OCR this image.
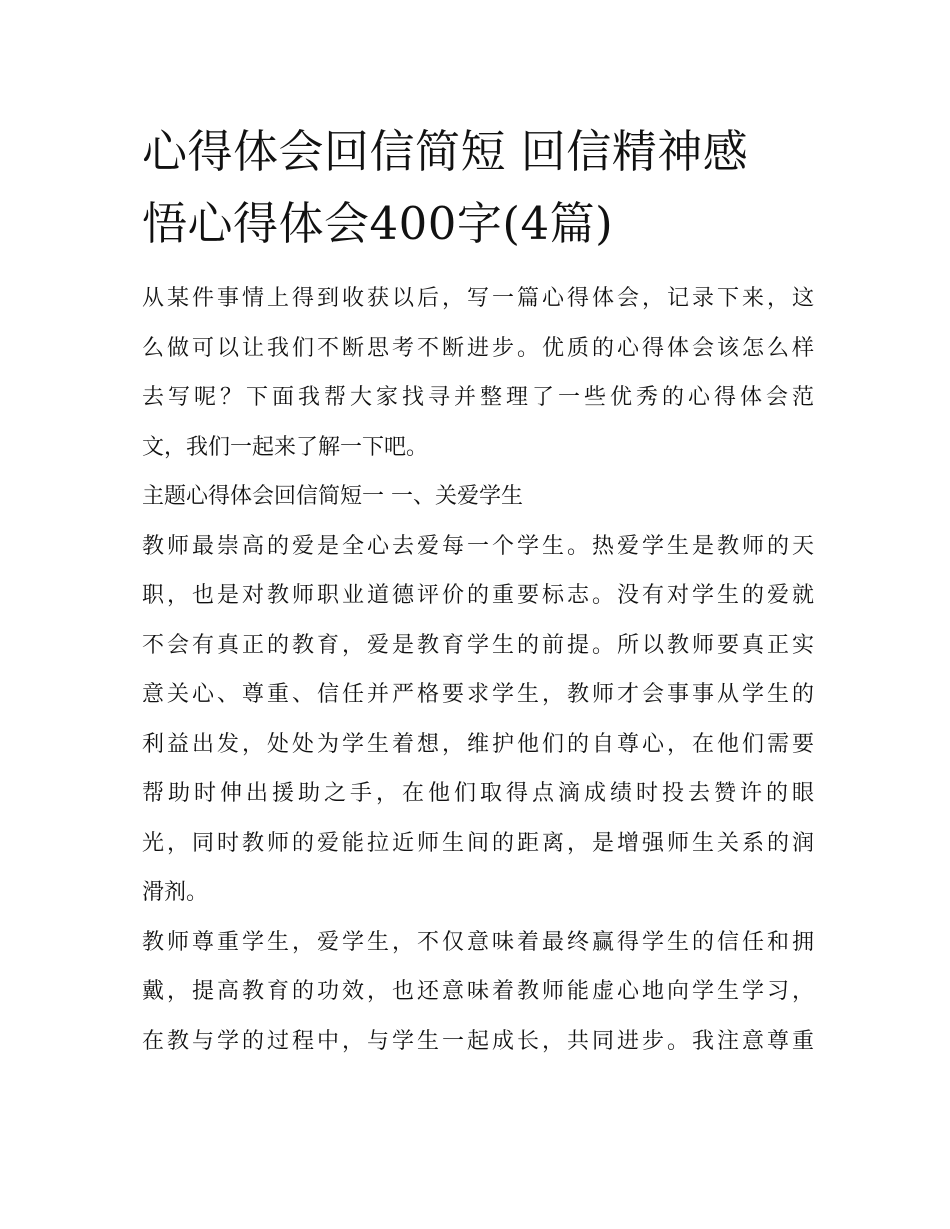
心得体会回信简短 回信精神感
悟心得体会400字(4篇)

从某件事情上得到收获以后，写一篇心得体会，记录下来，这
么做可以让我们不断思考不断进步。优质的心得体会该怎么样
去写呢？下面我帮大家找寻并整理了一些优秀的心得体会范
文，我们一起来了解一下吧。

主题心得体会回信简短一 一、关爱学生

教师最崇高的爱是全心去爱每一个学生。热爱学生是教师的天
职，也是对教师职业道德评价的重要标志。没有对学生的爱就
不会有真正的教育，爱是教育学生的前提。所以教师要真正实
意关心、尊重、信任并严格要求学生，教师才会事事从学生的
利益出发，处处为学生着想，维护他们的自尊心，在他们需要
帮助时伸出援助之手，在他们取得点滴成绩时投去赞许的眼
光，同时教师的爱能拉近师生间的距离，是增强师生关系的润
滑剂。

教师尊重学生，爱学生，不仅意味着最终赢得学生的信任和拥
戴，提高教育的功效，也还意味着教师能虚心地向学生学习，
在教与学的过程中，与学生一起成长，共同进步。我注意尊重
